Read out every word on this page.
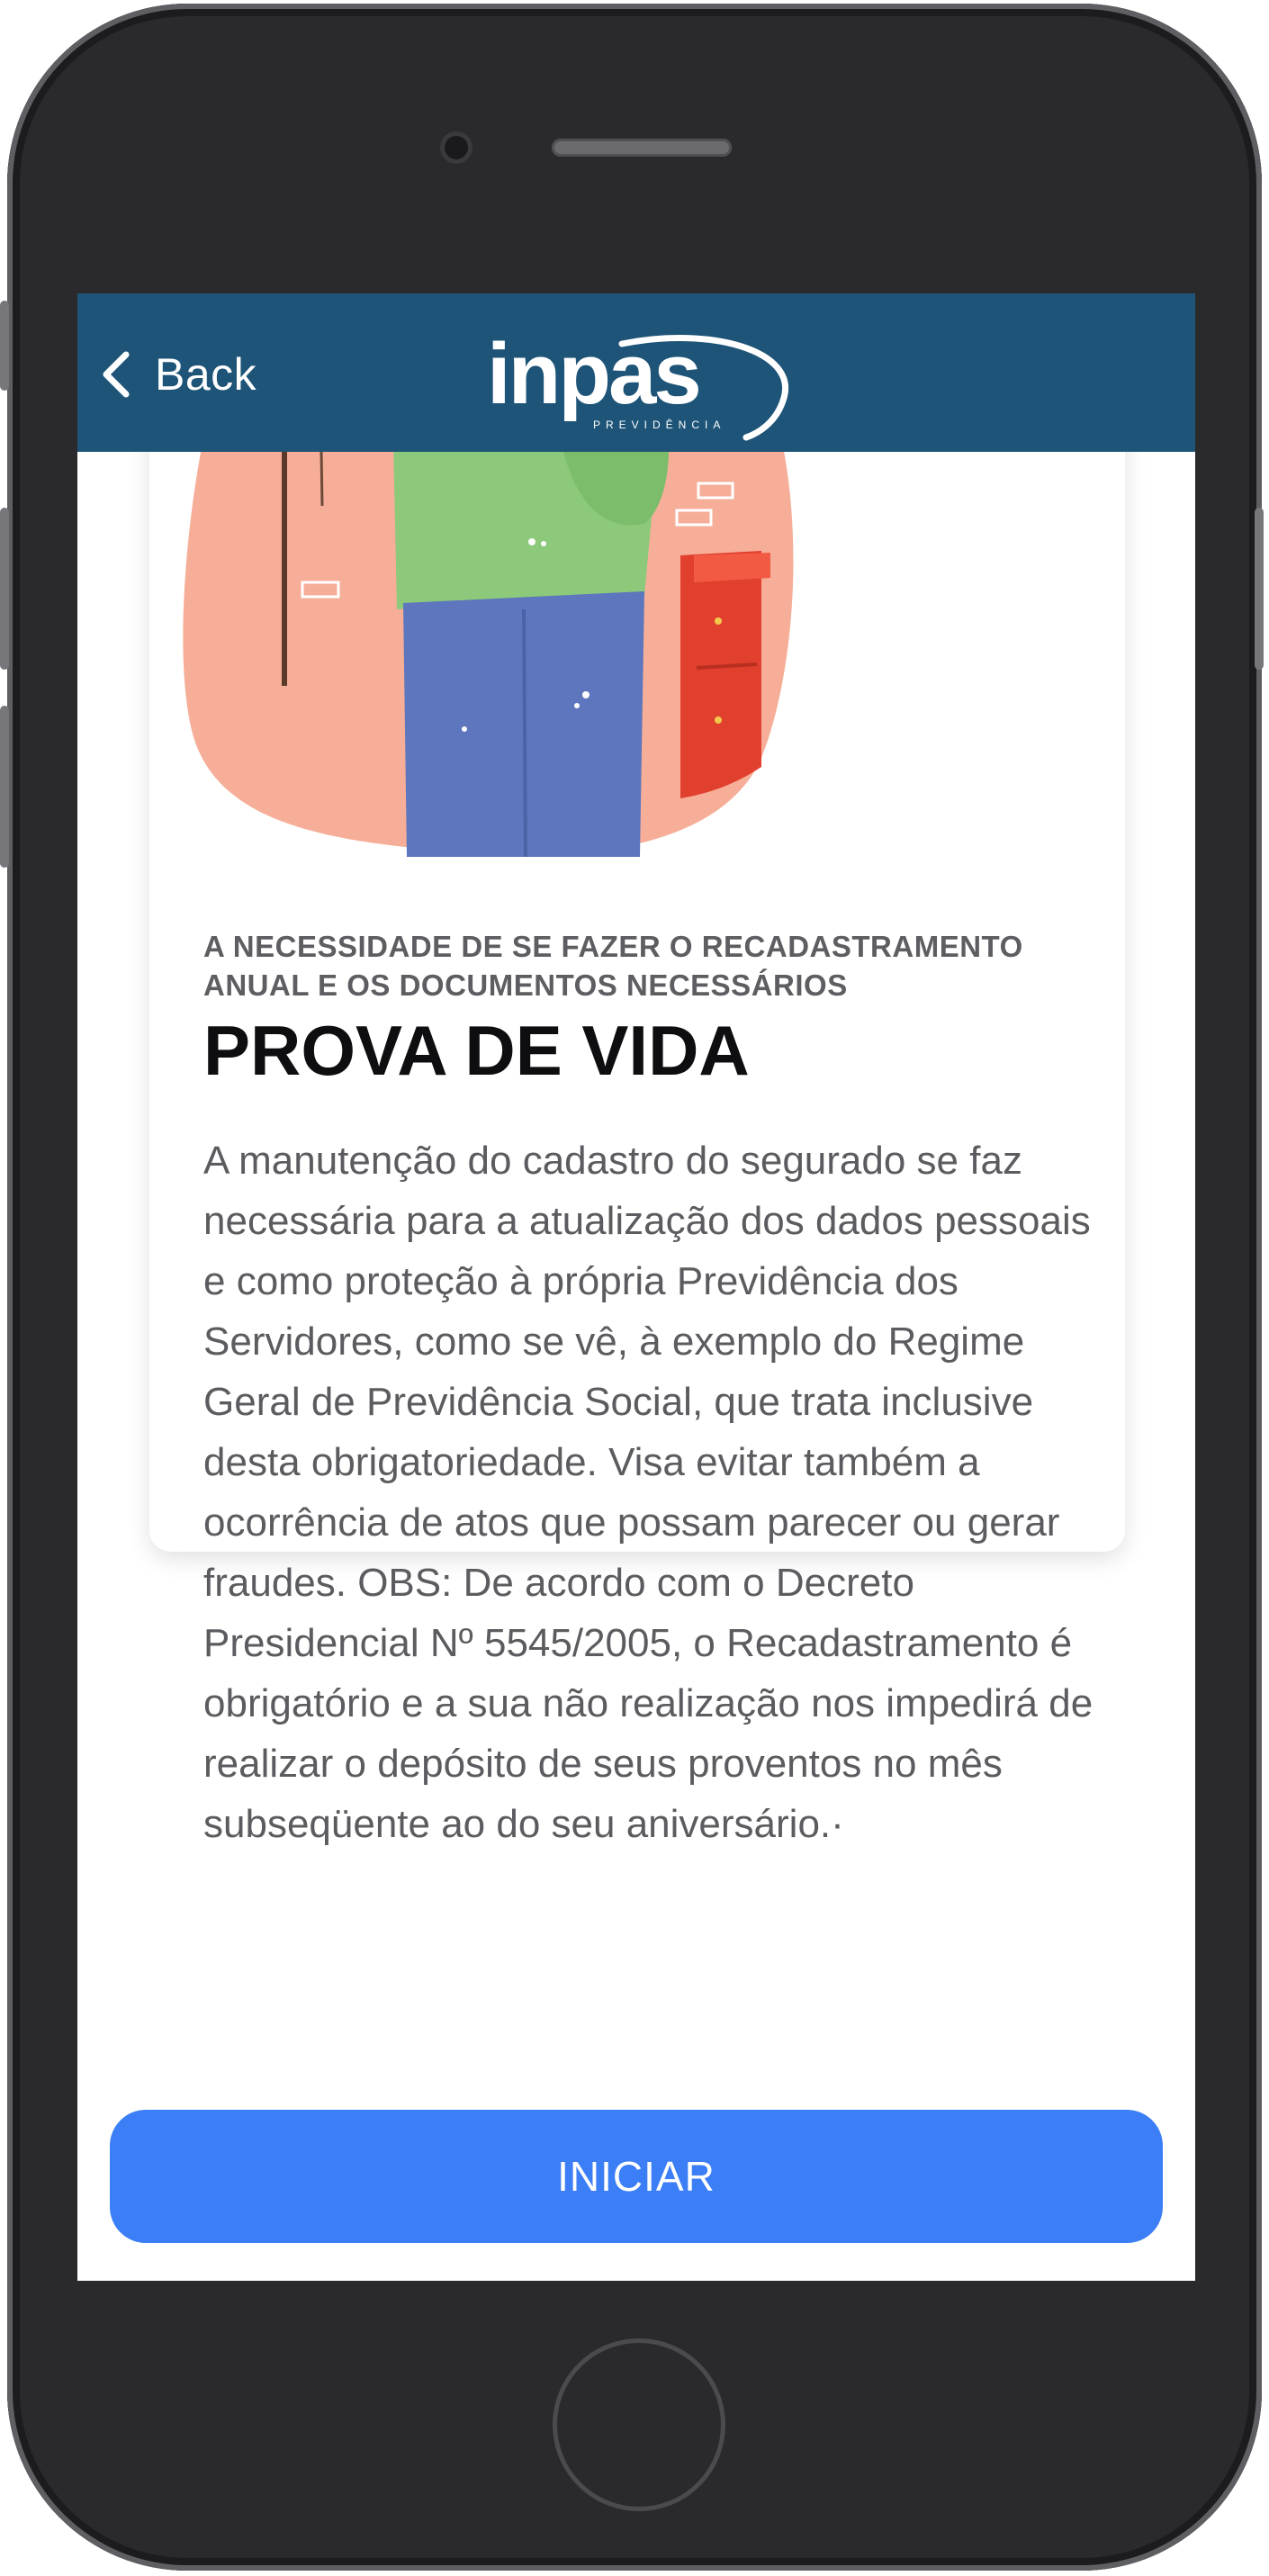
A NECESSIDADE DE SE FAZER O RECADASTRAMENTO ANUAL E OS DOCUMENTOS NECESSÁRIOS
PROVA DE VIDA
A manutenção do cadastro do segurado se faz necessária para a atualização dos dados pessoais e como proteção à própria Previdência dos Servidores, como se vê, à exemplo do Regime Geral de Previdência Social, que trata inclusive desta obrigatoriedade. Visa evitar também a ocorrência de atos que possam parecer ou gerar fraudes. OBS: De acordo com o Decreto Presidencial Nº 5545/2005, o Recadastramento é obrigatório e a sua não realização nos impedirá de realizar o depósito de seus proventos no mês subseqüente ao do seu aniversário.·
INICIAR
Back	inpas
PREVIDÊNCIA
